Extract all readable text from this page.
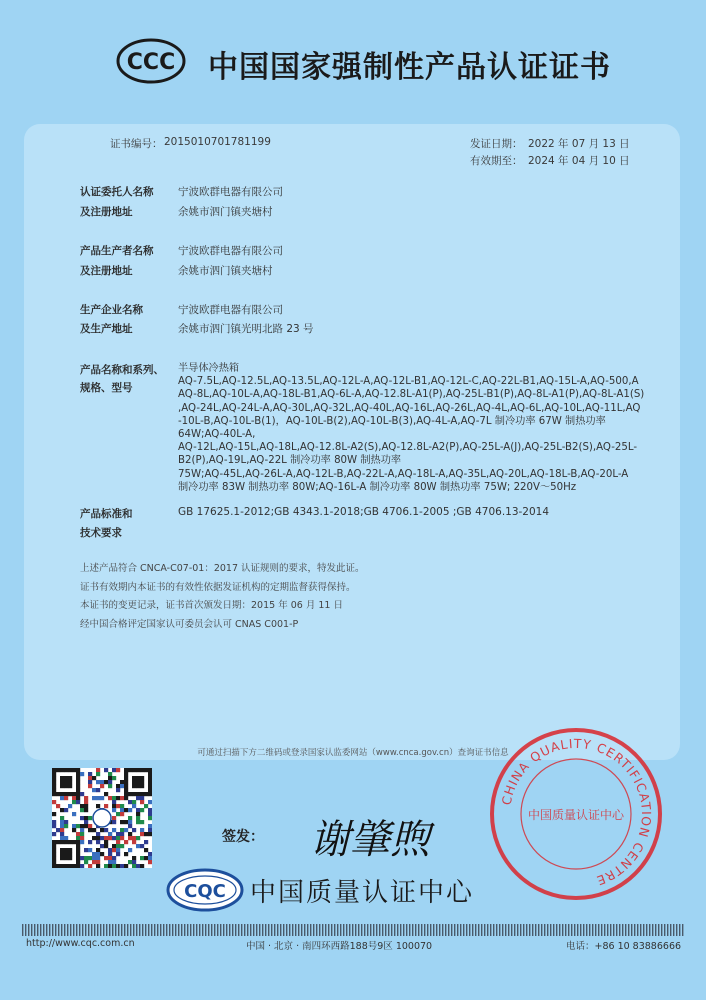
CCC 中国国家强制性产品认证证书
证书编号： 2015010701781199	发证日期： 2022 年 07 月 13 日
有效期至： 2024 年 04 月 10 日
认证委托人名称 宁波欧群电器有限公司
及注册地址	余姚市泗门镇夹塘村
产品生产者名称 宁波欧群电器有限公司
及注册地址	余姚市泗门镇夹塘村
生产企业名称	宁波欧群电器有限公司
及生产地址	余姚市泗门镇光明北路 23 号
产品名称和系列、
规格、型号
半导体冷热箱
AQ-7.5L,AQ-12.5L,AQ-13.5L,AQ-12L-A,AQ-12L-B1,AQ-12L-C,AQ-22L-B1,AQ-15L-A,AQ-500,A
AQ-8L,AQ-10L-A,AQ-18L-B1,AQ-6L-A,AQ-12.8L-A1(P),AQ-25L-B1(P),AQ-8L-A1(P),AQ-8L-A1(S)
,AQ-24L,AQ-24L-A,AQ-30L,AQ-32L,AQ-40L,AQ-16L,AQ-26L,AQ-4L,AQ-6L,AQ-10L,AQ-11L,AQ
-10L-B,AQ-10L-B(1)，AQ-10L-B(2),AQ-10L-B(3),AQ-4L-A,AQ-7L 制冷功率 67W 制热功率
64W;AQ-40L-A,
AQ-12L,AQ-15L,AQ-18L,AQ-12.8L-A2(S),AQ-12.8L-A2(P),AQ-25L-A(J),AQ-25L-B2(S),AQ-25L-
B2(P),AQ-19L,AQ-22L 制冷功率 80W 制热功率
75W;AQ-45L,AQ-26L-A,AQ-12L-B,AQ-22L-A,AQ-18L-A,AQ-35L,AQ-20L,AQ-18L-B,AQ-20L-A
制冷功率 83W 制热功率 80W;AQ-16L-A 制冷功率 80W 制热功率 75W; 220V～50Hz
产品标准和
技术要求
GB 17625.1-2012;GB 4343.1-2018;GB 4706.1-2005 ;GB 4706.13-2014
上述产品符合 CNCA-C07-01：2017 认证规则的要求，特发此证。
证书有效期内本证书的有效性依据发证机构的定期监督获得保持。
本证书的变更记录，证书首次颁发日期：2015 年 06 月 11 日
经中国合格评定国家认可委员会认可 CNAS C001-P
可通过扫描下方二维码或登录国家认监委网站（www.cnca.gov.cn）查询证书信息
签发： 谢肇煦
CHINA QUALITY CERTIFICATION CENTRE
中国质量认证中心
CQC 中国质量认证中心
http://www.cqc.com.cn	中国 · 北京 · 南四环西路188号9区 100070	电话：+86 10 83886666
